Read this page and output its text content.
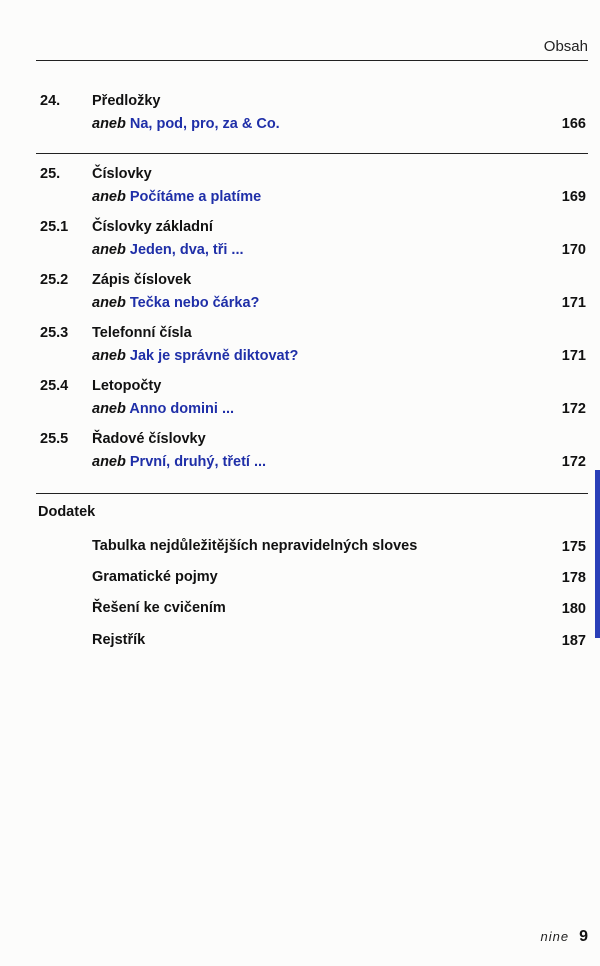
Obsah
24. Předložky
aneb Na, pod, pro, za & Co.	166
25. Číslovky
aneb Počítáme a platíme	169
25.1 Číslovky základní
aneb Jeden, dva, tři ...	170
25.2 Zápis číslovek
aneb Tečka nebo čárka?	171
25.3 Telefonní čísla
aneb Jak je správně diktovat?	171
25.4 Letopočty
aneb Anno domini ...	172
25.5 Řadové číslovky
aneb První, druhý, třetí ...	172
Dodatek
Tabulka nejdůležitějších nepravidelných sloves	175
Gramatické pojmy	178
Řešení ke cvičením	180
Rejstřík	187
nine 9
